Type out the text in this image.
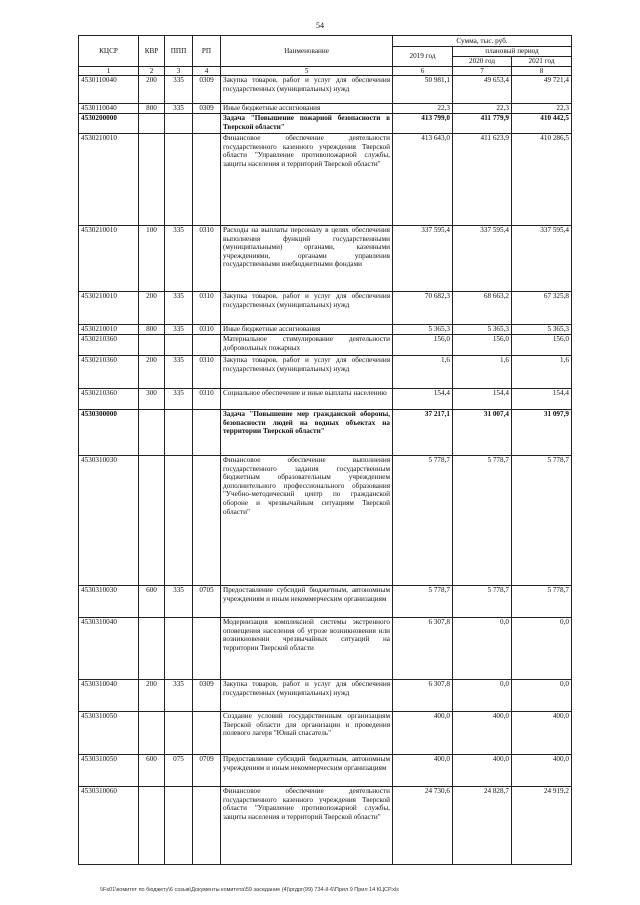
54
КЦСР	КВР	ППП	РП	Наименование	Сумма, тыс. руб.		
					2019 год	плановый период	
						2020 год	2021 год
1	2	3	4	5	6	7	8
4530110040	200	335	0309	Закупка товаров, работ и услуг для обеспечения государственных (муниципальных) нужд	50 981,1	49 653,4	49 721,4
4530110040	800	335	0309	Иные бюджетные ассигнования	22,3	22,3	22,3
4530200000				Задача "Повышение пожарной безопасности в Тверской области"	413 799,0	411 779,9	410 442,5
4530210010				Финансовое обеспечение деятельности государственного казенного учреждения Тверской области "Управление противопожарной службы, защиты населения и территорий Тверской области"	413 643,0	411 623,9	410 286,5
4530210010	100	335	0310	Расходы на выплаты персоналу в целях обеспечения выполнения функций государственными (муниципальными) органами, казенными учреждениями, органами управления государственными внебюджетными фондами	337 595,4	337 595,4	337 595,4
4530210010	200	335	0310	Закупка товаров, работ и услуг для обеспечения государственных (муниципальных) нужд	70 682,3	68 663,2	67 325,8
4530210010	800	335	0310	Иные бюджетные ассигнования	5 365,3	5 365,3	5 365,3
4530210360				Материальное стимулирование деятельности добровольных пожарных	156,0	156,0	156,0
4530210360	200	335	0310	Закупка товаров, работ и услуг для обеспечения государственных (муниципальных) нужд	1,6	1,6	1,6
4530210360	300	335	0310	Социальное обеспечение и иные выплаты населению	154,4	154,4	154,4
4530300000				Задача "Повышение мер гражданской обороны, безопасности людей на водных объектах на территории Тверской области"	37 217,1	31 007,4	31 097,9
4530310030				Финансовое обеспечение выполнения государственного задания государственным бюджетным образовательным учреждением дополнительного профессионального образования "Учебно-методический центр по гражданской обороне и чрезвычайным ситуациям Тверской области"	5 778,7	5 778,7	5 778,7
4530310030	600	335	0705	Предоставление субсидий бюджетным, автономным учреждениям и иным некоммерческим организациям	5 778,7	5 778,7	5 778,7
4530310040				Модернизация комплексной системы экстренного оповещения населения об угрозе возникновения или возникновении чрезвычайных ситуаций на территории Тверской области	6 307,8	0,0	0,0
4530310040	200	335	0309	Закупка товаров, работ и услуг для обеспечения государственных (муниципальных) нужд	6 307,8	0,0	0,0
4530310050				Создание условий государственным организациям Тверской области для организации и проведения полевого лагеря "Юный спасатель"	400,0	400,0	400,0
4530310050	600	075	0709	Предоставление субсидий бюджетным, автономным учреждениям и иным некоммерческим организациям	400,0	400,0	400,0
4530310060				Финансовое обеспечение деятельности государственного казенного учреждения Тверской области "Управление противопожарной службы, защиты населения и территорий Тверской области"	24 730,6	24 828,7	24 919,2
\\Fs01\комитет по бюджету\6 созыв\Документы комитета\59 заседание (4)\ргдрг(99) 734-II-6\Прил 9 Прил 14 КЦСР.xls
